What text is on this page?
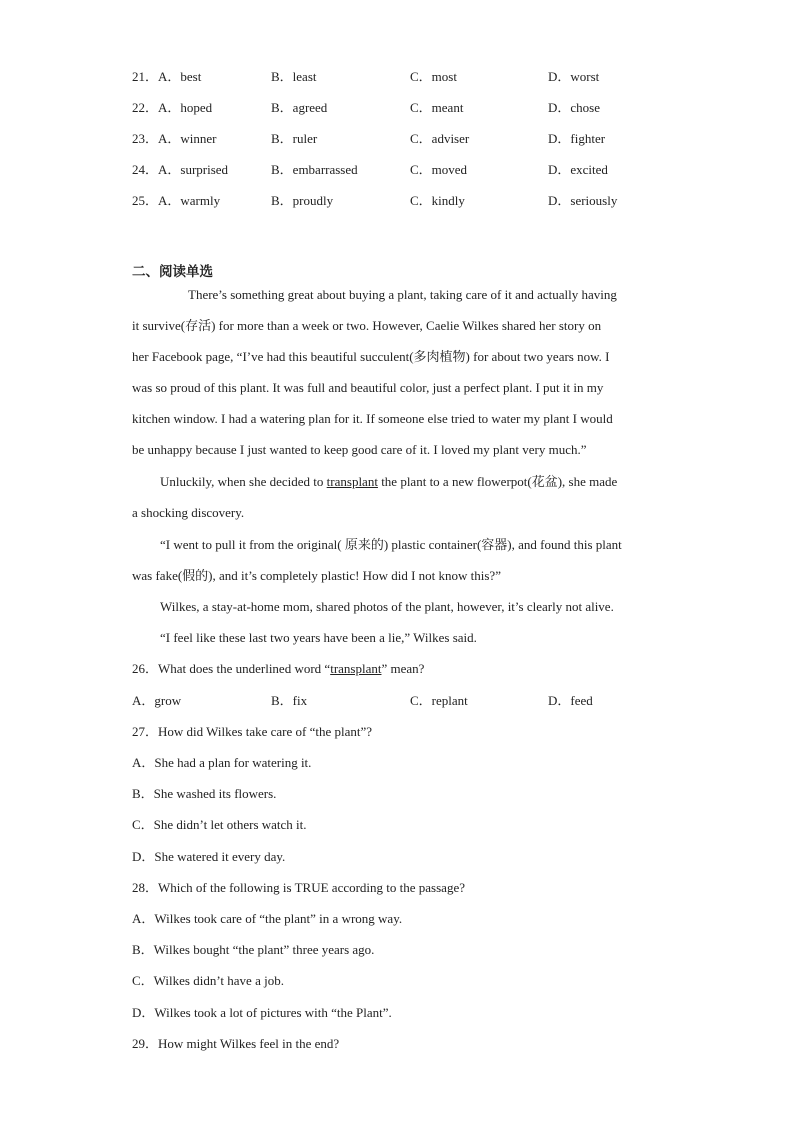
21．A．best	B．least	C．most	D．worst
22．A．hoped	B．agreed	C．meant	D．chose
23．A．winner	B．ruler	C．adviser	D．fighter
24．A．surprised	B．embarrassed	C．moved	D．excited
25．A．warmly	B．proudly	C．kindly	D．seriously
二、阅读单选
There’s something great about buying a plant, taking care of it and actually having
it survive(存活) for more than a week or two. However, Caelie Wilkes shared her story on
her Facebook page, “I’ve had this beautiful succulent(多肉植物) for about two years now. I
was so proud of this plant. It was full and beautiful color, just a perfect plant. I put it in my
kitchen window. I had a watering plan for it. If someone else tried to water my plant I would
be unhappy because I just wanted to keep good care of it. I loved my plant very much.”
Unluckily, when she decided to transplant the plant to a new flowerpot(花盆), she made
a shocking discovery.
“I went to pull it from the original( 原来的) plastic container(容器), and found this plant
was fake(假的), and it’s completely plastic! How did I not know this?”
Wilkes, a stay-at-home mom, shared photos of the plant, however, it’s clearly not alive.
“I feel like these last two years have been a lie,” Wilkes said.
26．What does the underlined word “transplant” mean?
A．grow	B．fix	C．replant	D．feed
27．How did Wilkes take care of “the plant”?
A．She had a plan for watering it.
B．She washed its flowers.
C．She didn’t let others watch it.
D．She watered it every day.
28．Which of the following is TRUE according to the passage?
A．Wilkes took care of “the plant” in a wrong way.
B．Wilkes bought “the plant” three years ago.
C．Wilkes didn’t have a job.
D．Wilkes took a lot of pictures with “the Plant”.
29．How might Wilkes feel in the end?
